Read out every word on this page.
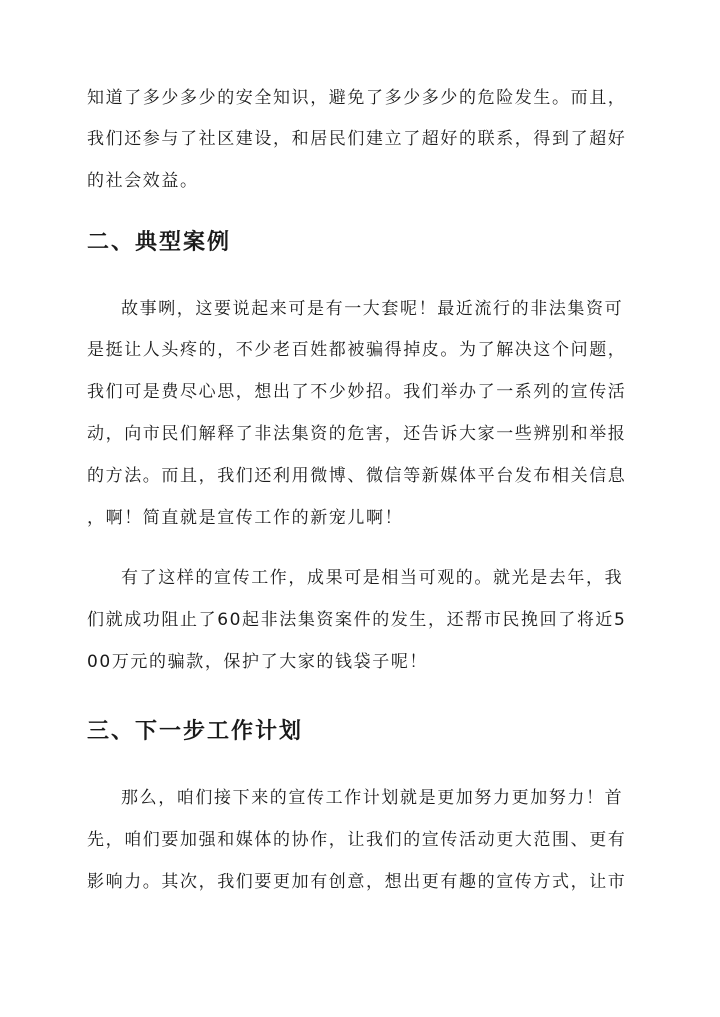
知道了多少多少的安全知识，避免了多少多少的危险发生。而且，
我们还参与了社区建设，和居民们建立了超好的联系，得到了超好
的社会效益。
二、典型案例
故事咧，这要说起来可是有一大套呢！最近流行的非法集资可
是挺让人头疼的，不少老百姓都被骗得掉皮。为了解决这个问题，
我们可是费尽心思，想出了不少妙招。我们举办了一系列的宣传活
动，向市民们解释了非法集资的危害，还告诉大家一些辨别和举报
的方法。而且，我们还利用微博、微信等新媒体平台发布相关信息
，啊！简直就是宣传工作的新宠儿啊！
有了这样的宣传工作，成果可是相当可观的。就光是去年，我
们就成功阻止了60起非法集资案件的发生，还帮市民挽回了将近5
00万元的骗款，保护了大家的钱袋子呢！
三、下一步工作计划
那么，咱们接下来的宣传工作计划就是更加努力更加努力！首
先，咱们要加强和媒体的协作，让我们的宣传活动更大范围、更有
影响力。其次，我们要更加有创意，想出更有趣的宣传方式，让市
